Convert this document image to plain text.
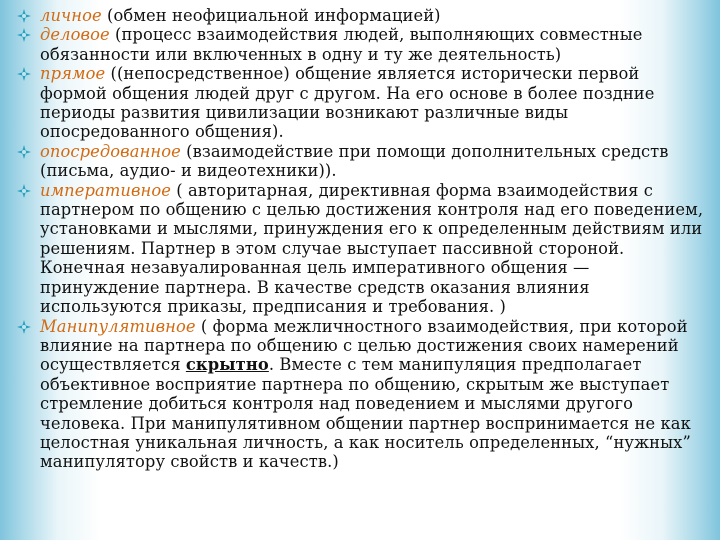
личное (обмен неофициальной информацией)
деловое (процесс взаимодействия людей, выполняющих совместные обязанности или включенных в одну и ту же деятельность)
прямое ((непосредственное) общение является исторически первой формой общения людей друг с другом. На его основе в более поздние периоды развития цивилизации возникают различные виды опосредованного общения).
опосредованное (взаимодействие при помощи дополнительных средств (письма, аудио- и видеотехники)).
императивное ( авторитарная, директивная форма взаимодействия с партнером по общению с целью достижения контроля над его поведением, установками и мыслями, принуждения его к определенным действиям или решениям. Партнер в этом случае выступает пассивной стороной. Конечная незавуалированная цель императивного общения — принуждение партнера. В качестве средств оказания влияния используются приказы, предписания и требования. )
Манипулятивное ( форма межличностного взаимодействия, при которой влияние на партнера по общению с целью достижения своих намерений осуществляется скрытно. Вместе с тем манипуляция предполагает объективное восприятие партнера по общению, скрытым же выступает стремление добиться контроля над поведением и мыслями другого человека. При манипулятивном общении партнер воспринимается не как целостная уникальная личность, а как носитель определенных, “нужных” манипулятору свойств и качеств.)
